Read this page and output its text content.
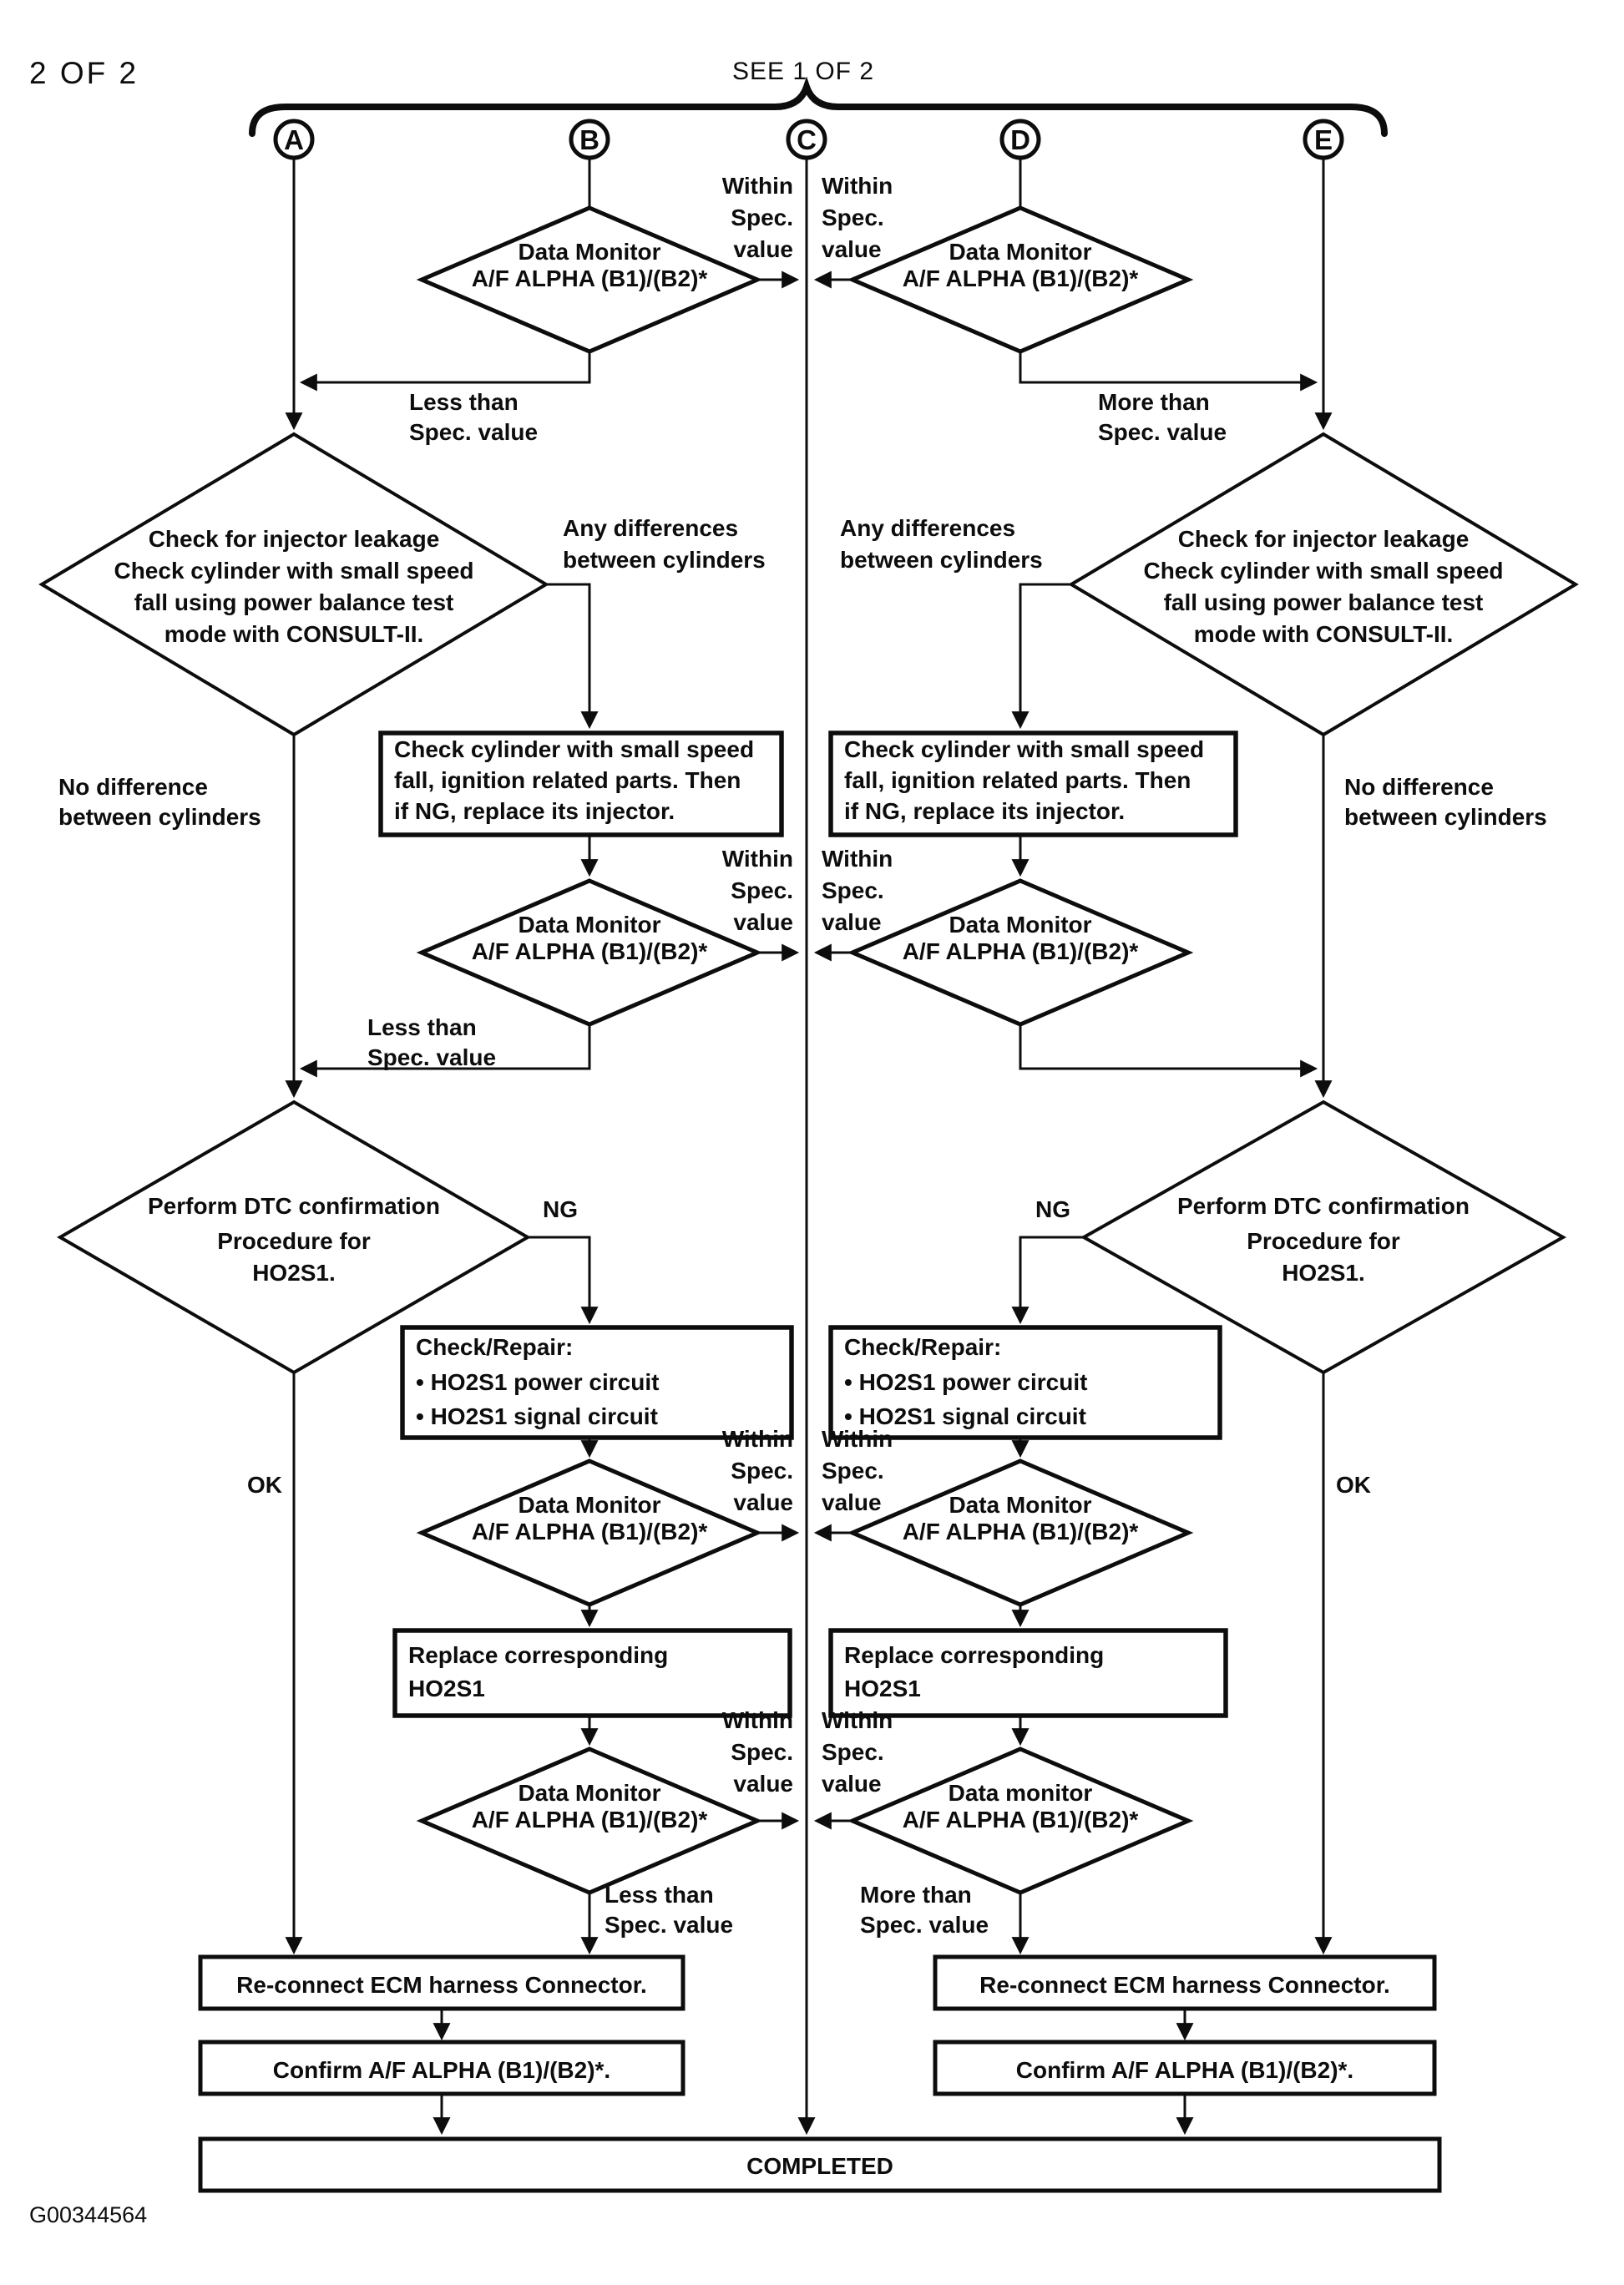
2 OF 2	SEE 1 OF 2
A	B	C	D	E
Data Monitor
A/F ALPHA (B1)/(B2)*
Data Monitor
A/F ALPHA (B1)/(B2)*
Within
Spec.
value
Within
Spec.
value
Less than
Spec. value
More than
Spec. value
Check for injector leakage
Check cylinder with small speed
fall using power balance test
mode with CONSULT-II.
Check for injector leakage
Check cylinder with small speed
fall using power balance test
mode with CONSULT-II.
Any differences
between cylinders
Any differences
between cylinders
No difference
between cylinders
No difference
between cylinders
Check cylinder with small speed
fall, ignition related parts. Then
if NG, replace its injector.
Check cylinder with small speed
fall, ignition related parts. Then
if NG, replace its injector.
Data Monitor
A/F ALPHA (B1)/(B2)*
Data Monitor
A/F ALPHA (B1)/(B2)*
Within
Spec.
value
Within
Spec.
value
Less than
Spec. value
Perform DTC confirmation
Procedure for
HO2S1.
Perform DTC confirmation
Procedure for
HO2S1.
NG	NG
OK	OK
Check/Repair:
• HO2S1 power circuit
• HO2S1 signal circuit
Check/Repair:
• HO2S1 power circuit
• HO2S1 signal circuit
Data Monitor
A/F ALPHA (B1)/(B2)*
Data Monitor
A/F ALPHA (B1)/(B2)*
Within
Spec.
value
Within
Spec.
value
Replace corresponding
HO2S1
Replace corresponding
HO2S1
Data Monitor
A/F ALPHA (B1)/(B2)*
Data monitor
A/F ALPHA (B1)/(B2)*
Within
Spec.
value
Within
Spec.
value
Less than
Spec. value
More than
Spec. value
Re-connect ECM harness Connector.	Re-connect ECM harness Connector.
Confirm A/F ALPHA (B1)/(B2)*.	Confirm A/F ALPHA (B1)/(B2)*.
COMPLETED
G00344564
